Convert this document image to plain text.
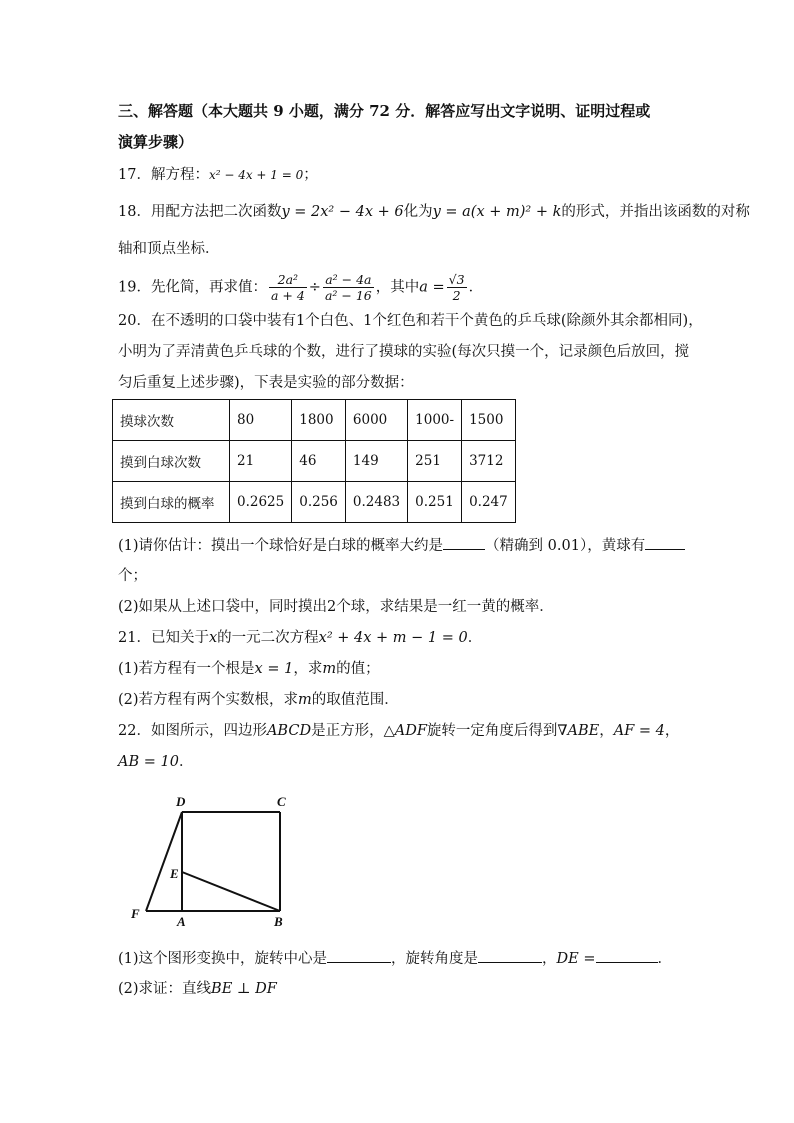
三、解答题（本大题共 9 小题，满分 72 分．解答应写出文字说明、证明过程或
演算步骤）
17．解方程：x² − 4x + 1 = 0；
18．用配方法把二次函数y = 2x² − 4x + 6化为y = a(x + m)² + k的形式，并指出该函数的对称
轴和顶点坐标．
19．先化简，再求值： $\frac{\text{2a²}}{a + 4} \div \frac{\text{a² − 4a}}{\text{a² − 16}}$ ，其中$a = \frac{√3}{2}$ ．
20．在不透明的口袋中装有1个白色、1个红色和若干个黄色的乒乓球(除颜外其余都相同)，
小明为了弄清黄色乒乓球的个数，进行了摸球的实验(每次只摸一个，记录颜色后放回，搅
匀后重复上述步骤)，下表是实验的部分数据：
摸球次数	80	1800	6000	1000-	1500
摸到白球次数	21	46	149	251	3712
摸到白球的概率	0.2625	0.256	0.2483	0.251	0.247
(1)请你估计：摸出一个球恰好是白球的概率大约是	（精确到 0.01），黄球有
个；
(2)如果从上述口袋中，同时摸出2个球，求结果是一红一黄的概率．
21．已知关于x的一元二次方程x² + 4x + m − 1 = 0．
(1)若方程有一个根是x = 1，求m的值；
(2)若方程有两个实数根，求m的取值范围．
22．如图所示，四边形ABCD是正方形，△ADF旋转一定角度后得到∇ABE，AF = 4，
AB = 10．
D	C
E
F
A	B
(1)这个图形变换中，旋转中心是	，旋转角度是	，DE =	．
(2)求证：直线BE ⊥ DF
